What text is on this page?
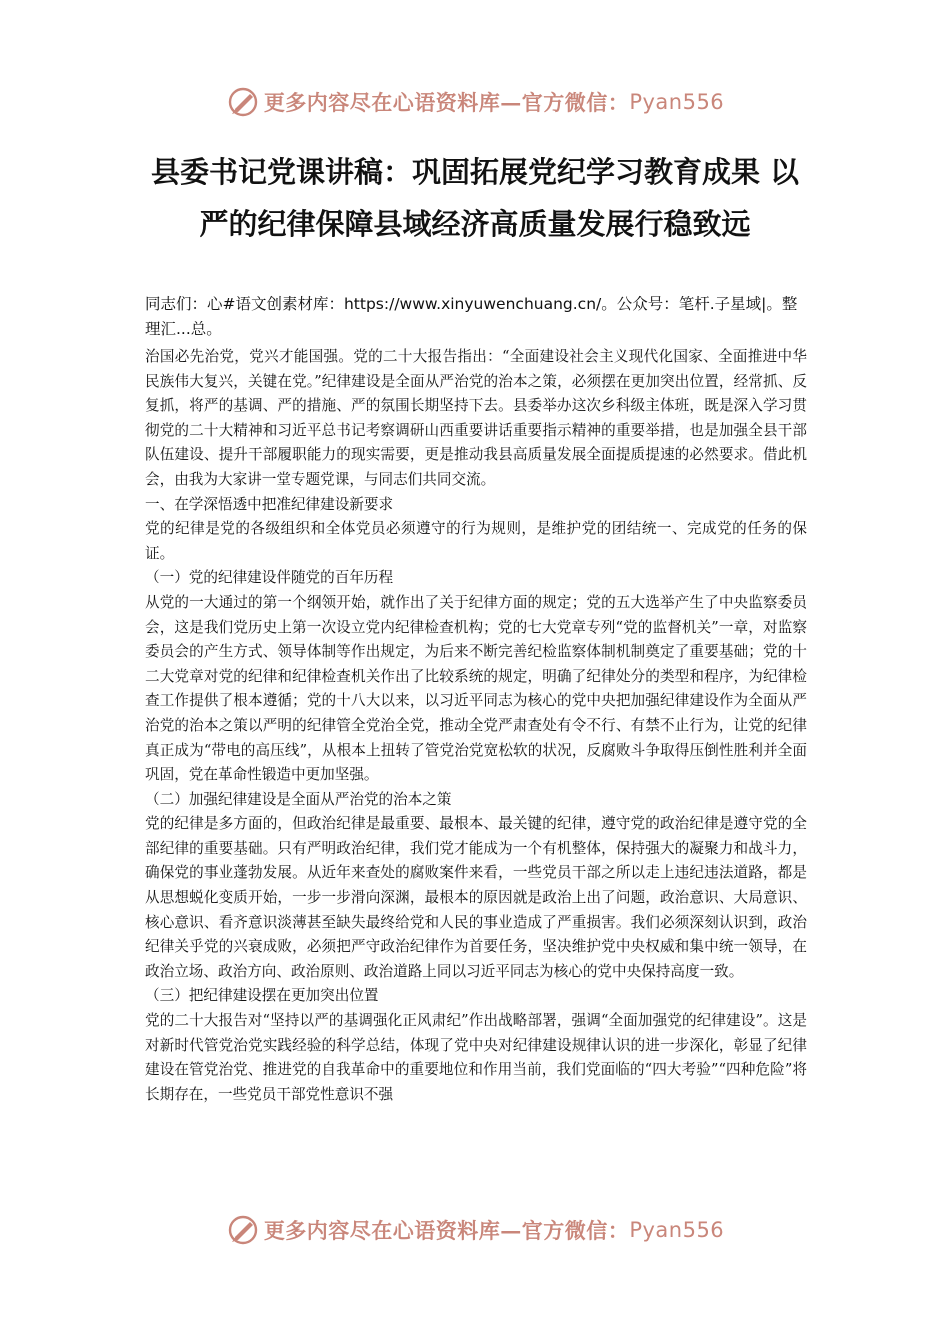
更多内容尽在心语资料库—官方微信： Pyan556
县委书记党课讲稿：巩固拓展党纪学习教育成果 以
严的纪律保障县域经济高质量发展行稳致远

同志们：心#语文创素材库：https://www.xinyuwenchuang.cn/。公众号：笔杆.子星域|。整理汇...总。

治国必先治党，党兴才能国强。党的二十大报告指出：“全面建设社会主义现代化国家、全面推进中华民族伟大复兴，关键在党。”纪律建设是全面从严治党的治本之策，必须摆在更加突出位置，经常抓、反复抓，将严的基调、严的措施、严的氛围长期坚持下去。县委举办这次乡科级主体班，既是深入学习贯彻党的二十大精神和习近平总书记考察调研山西重要讲话重要指示精神的重要举措，也是加强全县干部队伍建设、提升干部履职能力的现实需要，更是推动我县高质量发展全面提质提速的必然要求。借此机会，由我为大家讲一堂专题党课，与同志们共同交流。

一、在学深悟透中把准纪律建设新要求

党的纪律是党的各级组织和全体党员必须遵守的行为规则，是维护党的团结统一、完成党的任务的保证。

（一）党的纪律建设伴随党的百年历程

从党的一大通过的第一个纲领开始，就作出了关于纪律方面的规定；党的五大选举产生了中央监察委员会，这是我们党历史上第一次设立党内纪律检查机构；党的七大党章专列“党的监督机关”一章，对监察委员会的产生方式、领导体制等作出规定，为后来不断完善纪检监察体制机制奠定了重要基础；党的十二大党章对党的纪律和纪律检查机关作出了比较系统的规定，明确了纪律处分的类型和程序，为纪律检查工作提供了根本遵循；党的十八大以来，以习近平同志为核心的党中央把加强纪律建设作为全面从严治党的治本之策以严明的纪律管全党治全党，推动全党严肃查处有令不行、有禁不止行为，让党的纪律真正成为“带电的高压线”，从根本上扭转了管党治党宽松软的状况，反腐败斗争取得压倒性胜利并全面巩固，党在革命性锻造中更加坚强。

（二）加强纪律建设是全面从严治党的治本之策

党的纪律是多方面的，但政治纪律是最重要、最根本、最关键的纪律，遵守党的政治纪律是遵守党的全部纪律的重要基础。只有严明政治纪律，我们党才能成为一个有机整体，保持强大的凝聚力和战斗力，确保党的事业蓬勃发展。从近年来查处的腐败案件来看，一些党员干部之所以走上违纪违法道路，都是从思想蜕化变质开始，一步一步滑向深渊，最根本的原因就是政治上出了问题，政治意识、大局意识、核心意识、看齐意识淡薄甚至缺失最终给党和人民的事业造成了严重损害。我们必须深刻认识到，政治纪律关乎党的兴衰成败，必须把严守政治纪律作为首要任务，坚决维护党中央权威和集中统一领导，在政治立场、政治方向、政治原则、政治道路上同以习近平同志为核心的党中央保持高度一致。

（三）把纪律建设摆在更加突出位置

党的二十大报告对“坚持以严的基调强化正风肃纪”作出战略部署，强调“全面加强党的纪律建设”。这是对新时代管党治党实践经验的科学总结，体现了党中央对纪律建设规律认识的进一步深化，彰显了纪律建设在管党治党、推进党的自我革命中的重要地位和作用当前，我们党面临的“四大考验”“四种危险”将长期存在，一些党员干部党性意识不强

更多内容尽在心语资料库—官方微信： Pyan556
